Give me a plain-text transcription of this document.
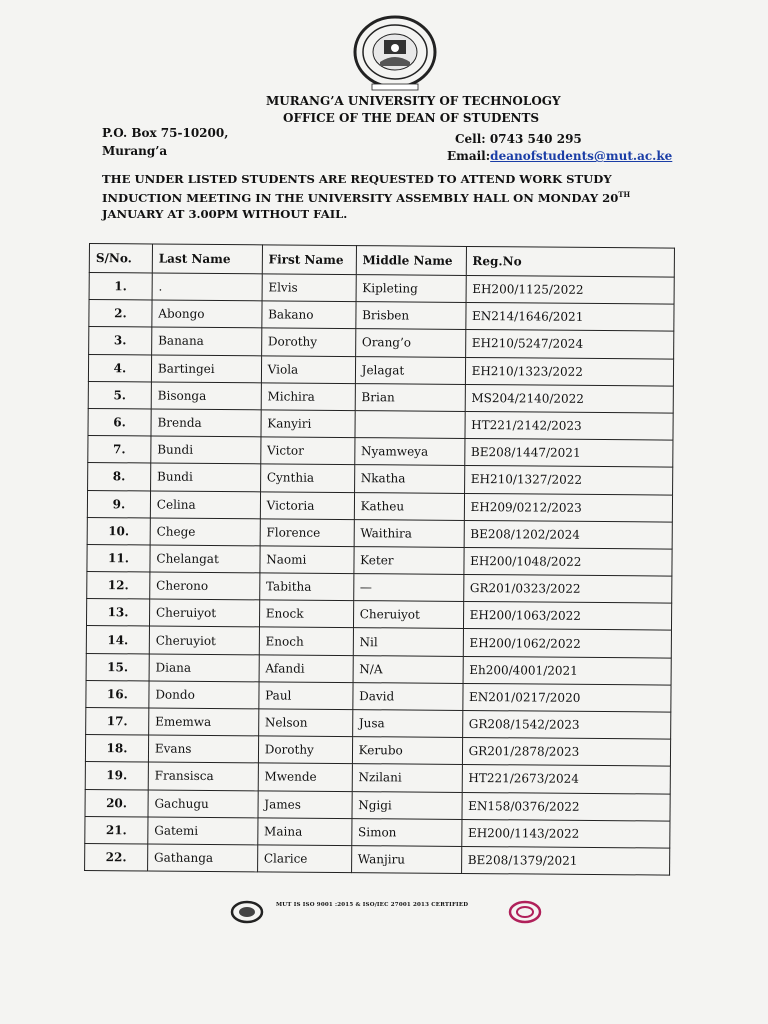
MURANG’A UNIVERSITY OF TECHNOLOGY
OFFICE OF THE DEAN OF STUDENTS
P.O. Box 75-10200,
Murang’a
Cell: 0743 540 295
Email:deanofstudents@mut.ac.ke
THE UNDER LISTED STUDENTS ARE REQUESTED TO ATTEND WORK STUDY INDUCTION MEETING IN THE UNIVERSITY ASSEMBLY HALL ON MONDAY 20TH JANUARY AT 3.00PM WITHOUT FAIL.
S/No.	Last Name	First Name	Middle Name	Reg.No
1.	.	Elvis	Kipleting	EH200/1125/2022
2.	Abongo	Bakano	Brisben	EN214/1646/2021
3.	Banana	Dorothy	Orang’o	EH210/5247/2024
4.	Bartingei	Viola	Jelagat	EH210/1323/2022
5.	Bisonga	Michira	Brian	MS204/2140/2022
6.	Brenda	Kanyiri		HT221/2142/2023
7.	Bundi	Victor	Nyamweya	BE208/1447/2021
8.	Bundi	Cynthia	Nkatha	EH210/1327/2022
9.	Celina	Victoria	Katheu	EH209/0212/2023
10.	Chege	Florence	Waithira	BE208/1202/2024
11.	Chelangat	Naomi	Keter	EH200/1048/2022
12.	Cherono	Tabitha	—	GR201/0323/2022
13.	Cheruiyot	Enock	Cheruiyot	EH200/1063/2022
14.	Cheruyiot	Enoch	Nil	EH200/1062/2022
15.	Diana	Afandi	N/A	Eh200/4001/2021
16.	Dondo	Paul	David	EN201/0217/2020
17.	Ememwa	Nelson	Jusa	GR208/1542/2023
18.	Evans	Dorothy	Kerubo	GR201/2878/2023
19.	Fransisca	Mwende	Nzilani	HT221/2673/2024
20.	Gachugu	James	Ngigi	EN158/0376/2022
21.	Gatemi	Maina	Simon	EH200/1143/2022
22.	Gathanga	Clarice	Wanjiru	BE208/1379/2021
MUT IS ISO 9001 :2015 & ISO/IEC 27001 2013 CERTIFIED
